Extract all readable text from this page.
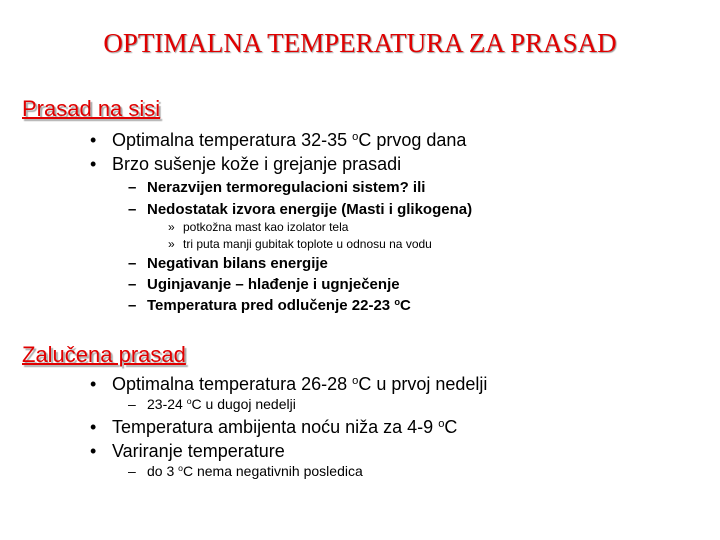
OPTIMALNA TEMPERATURA ZA PRASAD
Prasad na sisi
• Optimalna temperatura 32-35 $^o$C prvog dana
• Brzo sušenje kože i grejanje prasadi
– Nerazvijen termoregulacioni sistem? ili
– Nedostatak izvora energije (Masti i glikogena)
» potkožna mast kao izolator tela
» tri puta manji gubitak toplote u odnosu na vodu
– Negativan bilans energije
– Uginjavanje – hlađenje i ugnječenje
– Temperatura pred odlučenje 22-23 $^o$C
Zalučena prasad
• Optimalna temperatura 26-28 $^o$C u prvoj nedelji
– 23-24 $^o$C u dugoj nedelji
• Temperatura ambijenta noću niža za 4-9 $^o$C
• Variranje temperature
– do 3 $^o$C nema negativnih posledica
